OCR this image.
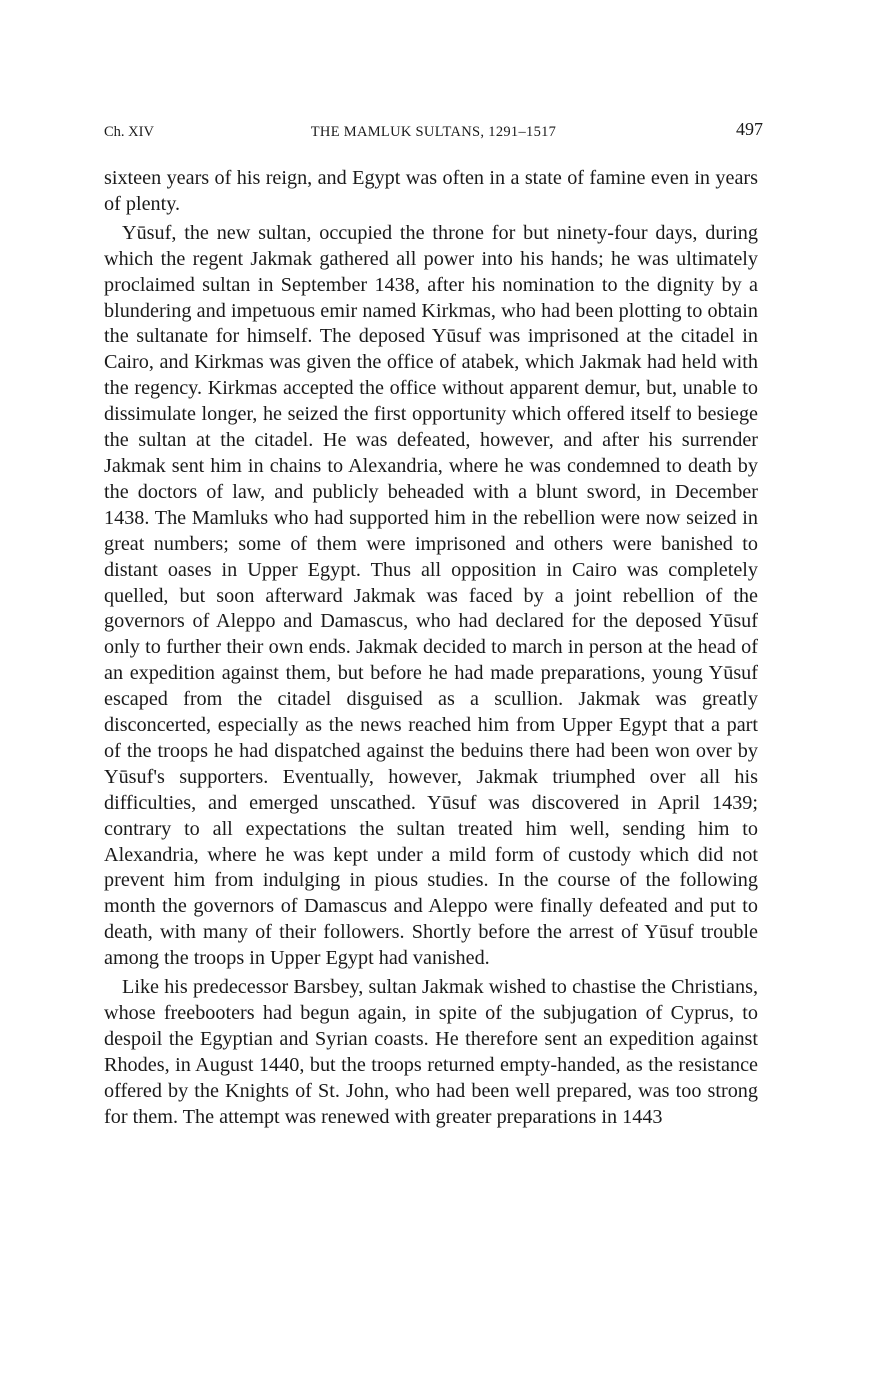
Ch. XIV	THE MAMLUK SULTANS, 1291–1517	497

sixteen years of his reign, and Egypt was often in a state of famine even in years of plenty.

Yūsuf, the new sultan, occupied the throne for but ninety-four days, during which the regent Jakmak gathered all power into his hands; he was ultimately proclaimed sultan in September 1438, after his nomination to the dignity by a blundering and impetuous emir named Kirkmas, who had been plotting to obtain the sultanate for himself. The deposed Yūsuf was imprisoned at the citadel in Cairo, and Kirkmas was given the office of atabek, which Jakmak had held with the regency. Kirkmas accepted the office without apparent demur, but, unable to dissimulate longer, he seized the first opportunity which offered itself to besiege the sultan at the citadel. He was defeated, however, and after his surrender Jakmak sent him in chains to Alexandria, where he was condemned to death by the doctors of law, and publicly beheaded with a blunt sword, in December 1438. The Mamluks who had supported him in the rebellion were now seized in great numbers; some of them were imprisoned and others were banished to distant oases in Upper Egypt. Thus all opposition in Cairo was completely quelled, but soon afterward Jakmak was faced by a joint rebellion of the governors of Aleppo and Damascus, who had declared for the deposed Yūsuf only to further their own ends. Jakmak decided to march in person at the head of an expedition against them, but before he had made preparations, young Yūsuf escaped from the citadel disguised as a scullion. Jakmak was greatly disconcerted, especially as the news reached him from Upper Egypt that a part of the troops he had dispatched against the beduins there had been won over by Yūsuf's supporters. Eventually, however, Jakmak triumphed over all his difficulties, and emerged unscathed. Yūsuf was discovered in April 1439; contrary to all expectations the sultan treated him well, sending him to Alexandria, where he was kept under a mild form of custody which did not prevent him from indulging in pious studies. In the course of the following month the governors of Damascus and Aleppo were finally defeated and put to death, with many of their followers. Shortly before the arrest of Yūsuf trouble among the troops in Upper Egypt had vanished.

Like his predecessor Barsbey, sultan Jakmak wished to chastise the Christians, whose freebooters had begun again, in spite of the subjugation of Cyprus, to despoil the Egyptian and Syrian coasts. He therefore sent an expedition against Rhodes, in August 1440, but the troops returned empty-handed, as the resistance offered by the Knights of St. John, who had been well prepared, was too strong for them. The attempt was renewed with greater preparations in 1443
